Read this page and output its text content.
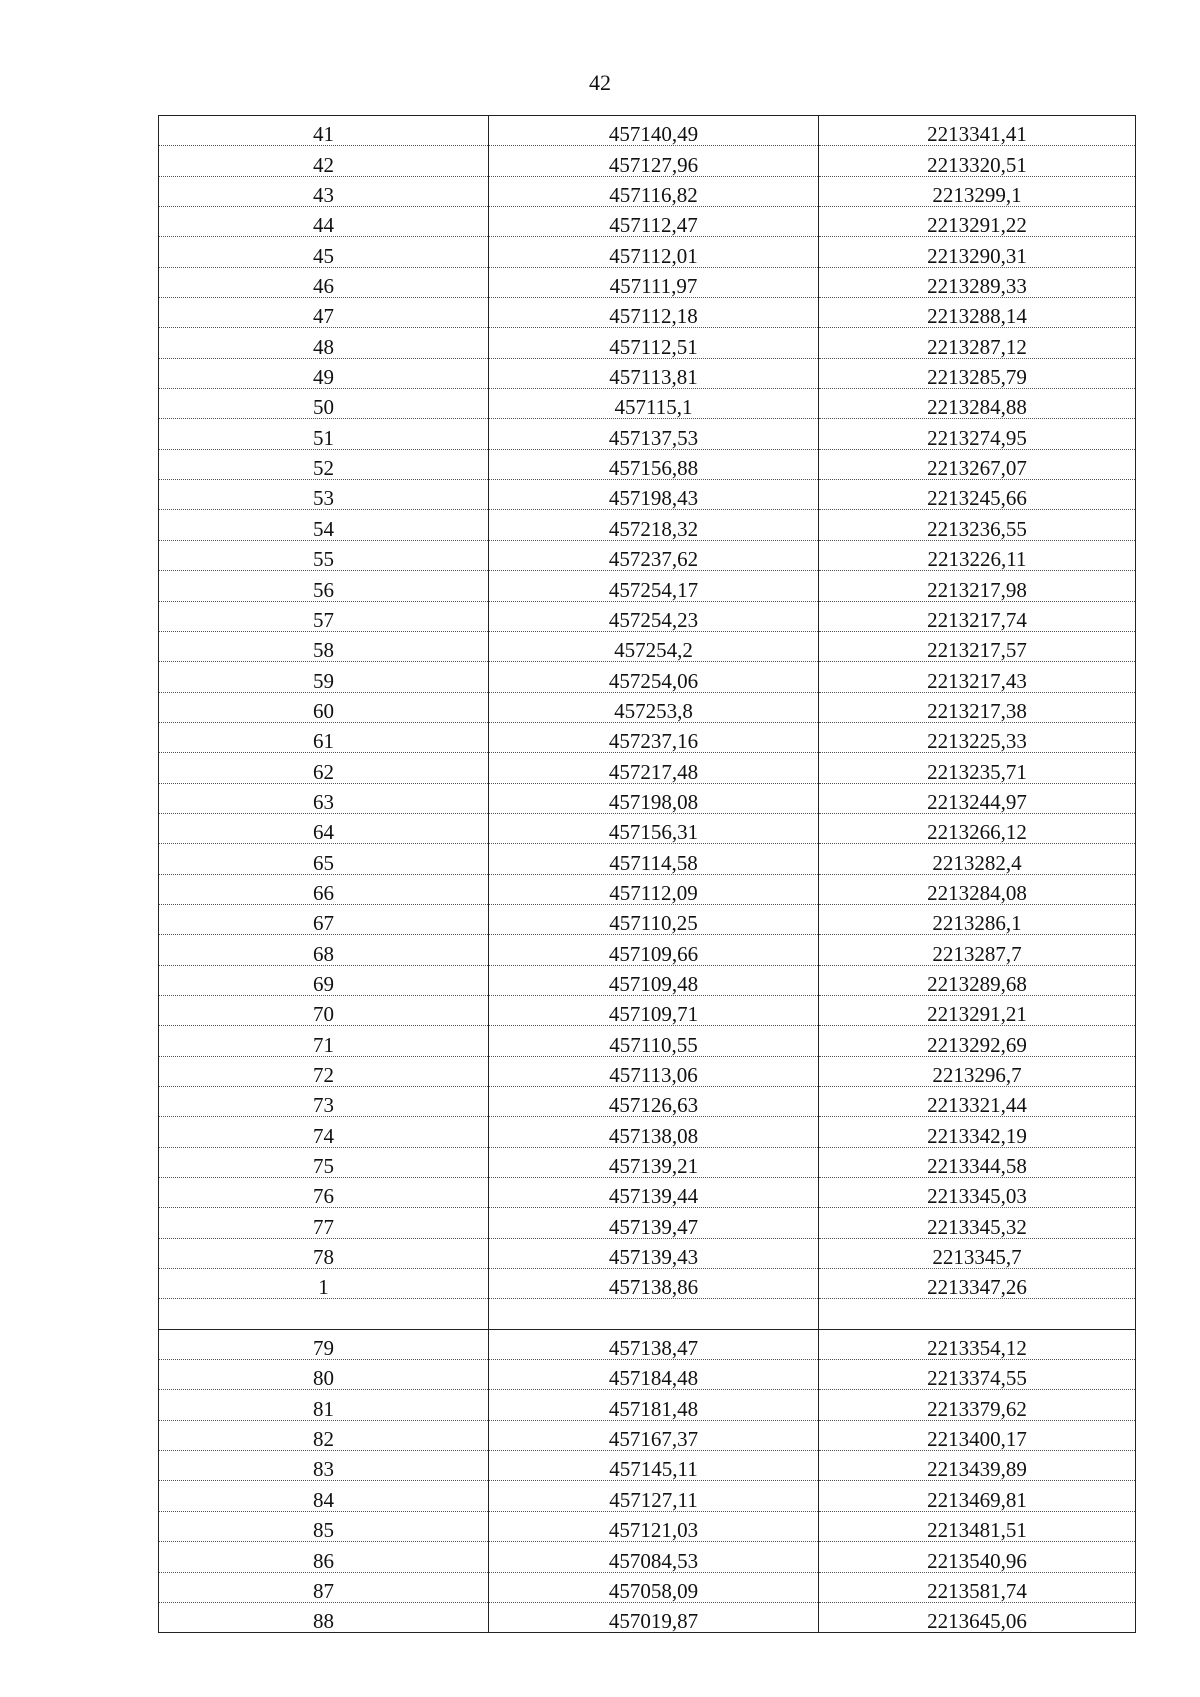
42
41	457140,49	2213341,41
42	457127,96	2213320,51
43	457116,82	2213299,1
44	457112,47	2213291,22
45	457112,01	2213290,31
46	457111,97	2213289,33
47	457112,18	2213288,14
48	457112,51	2213287,12
49	457113,81	2213285,79
50	457115,1	2213284,88
51	457137,53	2213274,95
52	457156,88	2213267,07
53	457198,43	2213245,66
54	457218,32	2213236,55
55	457237,62	2213226,11
56	457254,17	2213217,98
57	457254,23	2213217,74
58	457254,2	2213217,57
59	457254,06	2213217,43
60	457253,8	2213217,38
61	457237,16	2213225,33
62	457217,48	2213235,71
63	457198,08	2213244,97
64	457156,31	2213266,12
65	457114,58	2213282,4
66	457112,09	2213284,08
67	457110,25	2213286,1
68	457109,66	2213287,7
69	457109,48	2213289,68
70	457109,71	2213291,21
71	457110,55	2213292,69
72	457113,06	2213296,7
73	457126,63	2213321,44
74	457138,08	2213342,19
75	457139,21	2213344,58
76	457139,44	2213345,03
77	457139,47	2213345,32
78	457139,43	2213345,7
1	457138,86	2213347,26

79	457138,47	2213354,12
80	457184,48	2213374,55
81	457181,48	2213379,62
82	457167,37	2213400,17
83	457145,11	2213439,89
84	457127,11	2213469,81
85	457121,03	2213481,51
86	457084,53	2213540,96
87	457058,09	2213581,74
88	457019,87	2213645,06
